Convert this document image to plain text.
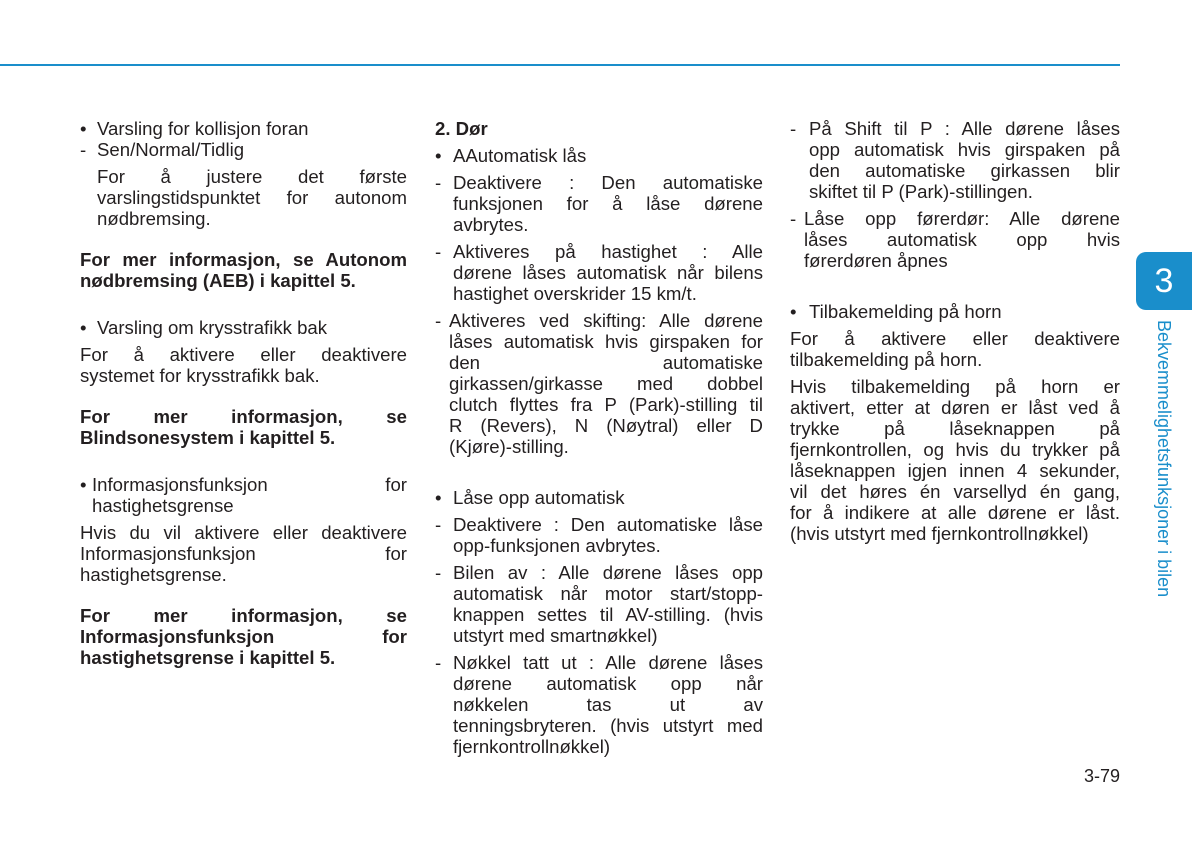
• Varsling for kollisjon foran
- Sen/Normal/Tidlig

For å justere det første

varslingstidspunktet for autonom

nødbremsing.

For mer informasjon, se Autonom

nødbremsing (AEB) i kapittel 5.

• Varsling om krysstrafikk bak

For å aktivere eller deaktivere

systemet for krysstrafikk bak.

For mer informasjon, se

Blindsonesystem i kapittel 5.

• Informasjonsfunksjon for

hastighetsgrense

Hvis du vil aktivere eller deaktivere

Informasjonsfunksjon for

hastighetsgrense.

For mer informasjon, se

Informasjonsfunksjon for

hastighetsgrense i kapittel 5.

2. Dør

• AAutomatisk lås
- Deaktivere : Den automatiske

funksjonen for å låse dørene

avbrytes.

- Aktiveres på hastighet : Alle

dørene låses automatisk når bilens

hastighet overskrider 15 km/t.

- Aktiveres ved skifting: Alle dørene

låses automatisk hvis girspaken for

den automatiske

girkassen/girkasse med dobbel

clutch flyttes fra P (Park)-stilling til

R (Revers), N (Nøytral) eller D

(Kjøre)-stilling.

• Låse opp automatisk
- Deaktivere : Den automatiske låse

opp-funksjonen avbrytes.

- Bilen av : Alle dørene låses opp

automatisk når motor start/stopp-

knappen settes til AV-stilling. (hvis

utstyrt med smartnøkkel)

- Nøkkel tatt ut : Alle dørene låses

dørene automatisk opp når

nøkkelen tas ut av

tenningsbryteren. (hvis utstyrt med

fjernkontrollnøkkel)

- På Shift til P : Alle dørene låses

opp automatisk hvis girspaken på

den automatiske girkassen blir

skiftet til P (Park)-stillingen.

- Låse opp førerdør: Alle dørene

låses automatisk opp hvis

førerdøren åpnes

• Tilbakemelding på horn

For å aktivere eller deaktivere

tilbakemelding på horn.

Hvis tilbakemelding på horn er

aktivert, etter at døren er låst ved å

trykke på låseknappen på

fjernkontrollen, og hvis du trykker på

låseknappen igjen innen 4 sekunder,

vil det høres én varsellyd én gang,

for å indikere at alle dørene er låst.

(hvis utstyrt med fjernkontrollnøkkel)

3
Bekvemmelighetsfunksjoner i bilen
3-79
